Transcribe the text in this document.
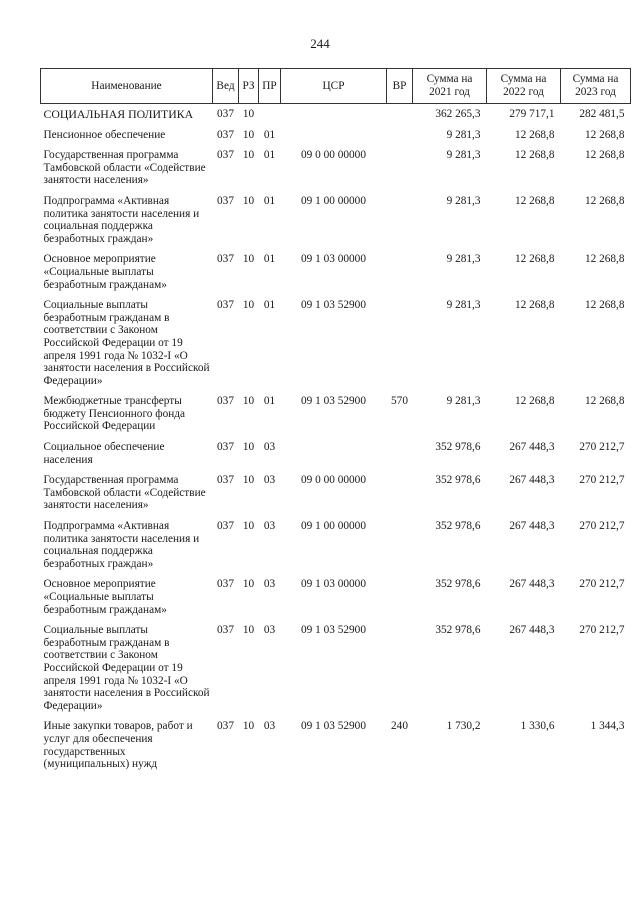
244
Наименование	Вед	РЗ	ПР	ЦСР	ВР	Сумма на 2021 год	Сумма на 2022 год	Сумма на 2023 год
СОЦИАЛЬНАЯ ПОЛИТИКА	037	10				362 265,3	279 717,1	282 481,5
Пенсионное обеспечение	037	10	01			9 281,3	12 268,8	12 268,8
Государственная программа Тамбовской области «Содействие занятости населения»	037	10	01	09 0 00 00000		9 281,3	12 268,8	12 268,8
Подпрограмма «Активная политика занятости населения и социальная поддержка безработных граждан»	037	10	01	09 1 00 00000		9 281,3	12 268,8	12 268,8
Основное мероприятие «Социальные выплаты безработным гражданам»	037	10	01	09 1 03 00000		9 281,3	12 268,8	12 268,8
Социальные выплаты безработным гражданам в соответствии с Законом Российской Федерации от 19 апреля 1991 года № 1032-I «О занятости населения в Российской Федерации»	037	10	01	09 1 03 52900		9 281,3	12 268,8	12 268,8
Межбюджетные трансферты бюджету Пенсионного фонда Российской Федерации	037	10	01	09 1 03 52900	570	9 281,3	12 268,8	12 268,8
Социальное обеспечение населения	037	10	03			352 978,6	267 448,3	270 212,7
Государственная программа Тамбовской области «Содействие занятости населения»	037	10	03	09 0 00 00000		352 978,6	267 448,3	270 212,7
Подпрограмма «Активная политика занятости населения и социальная поддержка безработных граждан»	037	10	03	09 1 00 00000		352 978,6	267 448,3	270 212,7
Основное мероприятие «Социальные выплаты безработным гражданам»	037	10	03	09 1 03 00000		352 978,6	267 448,3	270 212,7
Социальные выплаты безработным гражданам в соответствии с Законом Российской Федерации от 19 апреля 1991 года № 1032-I «О занятости населения в Российской Федерации»	037	10	03	09 1 03 52900		352 978,6	267 448,3	270 212,7
Иные закупки товаров, работ и услуг для обеспечения государственных (муниципальных) нужд	037	10	03	09 1 03 52900	240	1 730,2	1 330,6	1 344,3
